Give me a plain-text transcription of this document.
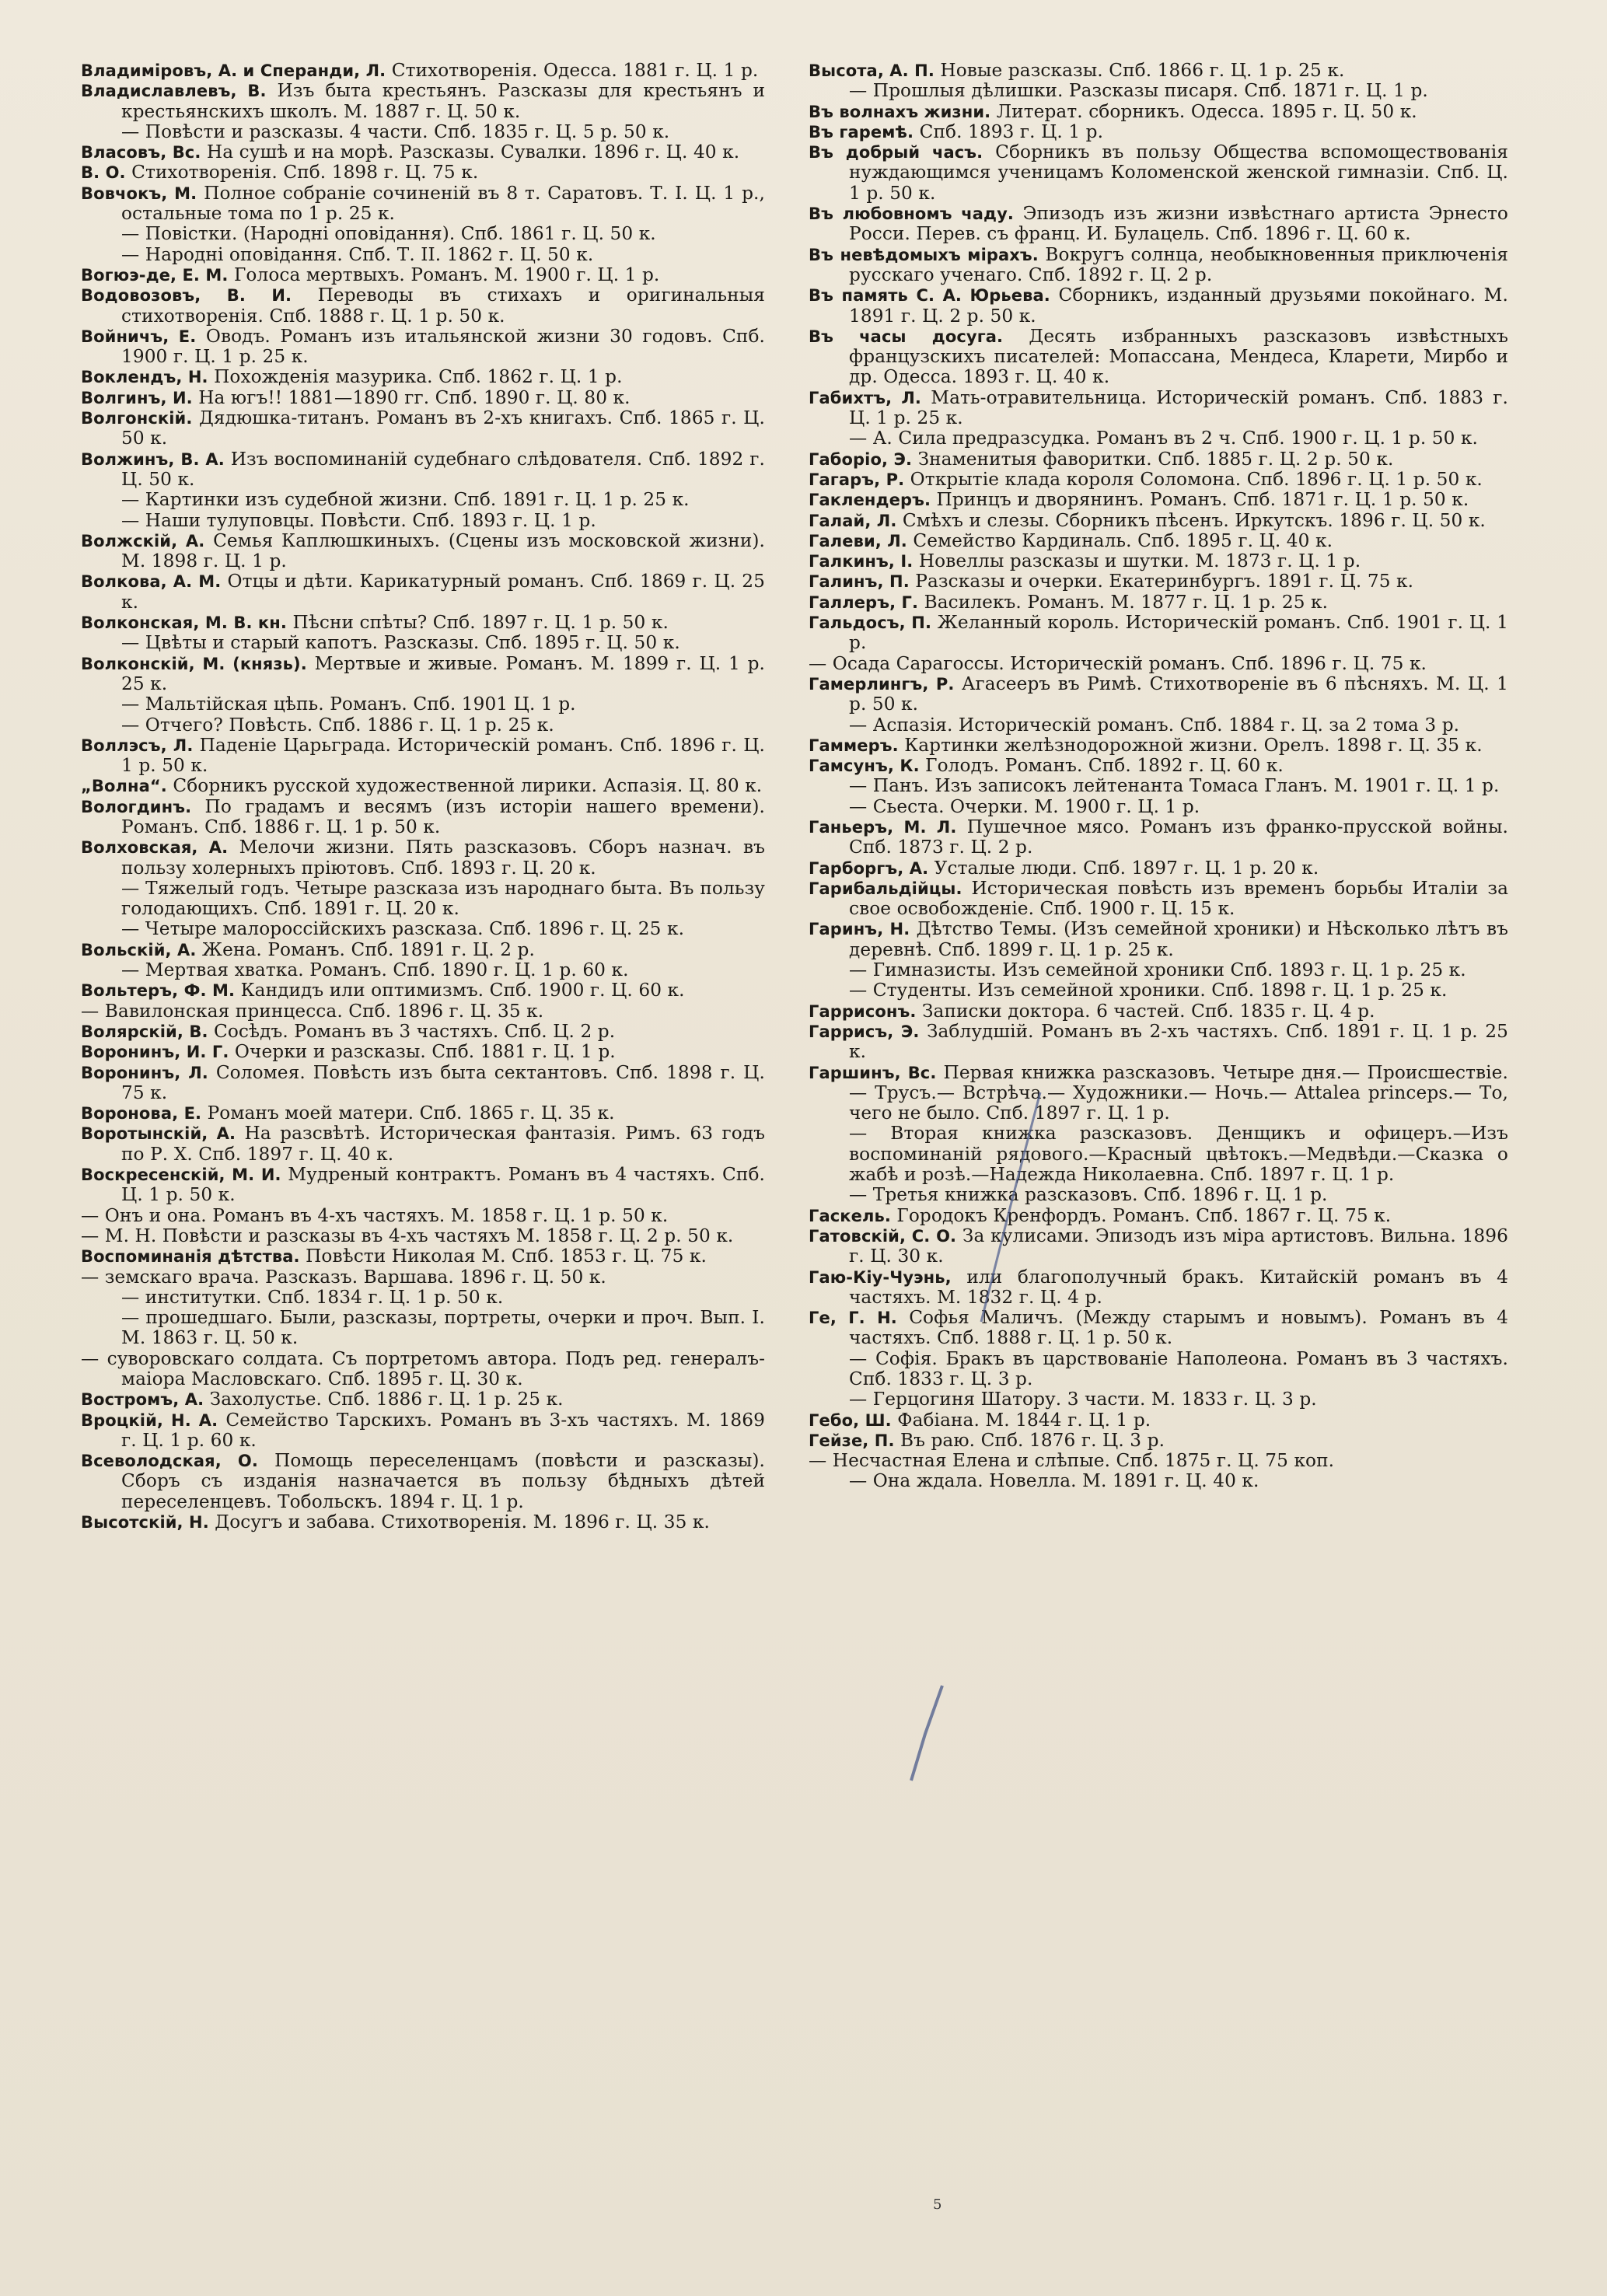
Владиміровъ, А. и Сперанди, Л. Стихотворенія. Одесса. 1881 г. Ц. 1 р.

Владиславлевъ, В. Изъ быта крестьянъ. Разсказы для крестьянъ и крестьянскихъ школъ. М. 1887 г. Ц. 50 к.

— Повѣсти и разсказы. 4 части. Спб. 1835 г. Ц. 5 р. 50 к.

Власовъ, Вс. На сушѣ и на морѣ. Разсказы. Сувалки. 1896 г. Ц. 40 к.

В. О. Стихотворенія. Спб. 1898 г. Ц. 75 к.

Вовчокъ, М. Полное собраніе сочиненій въ 8 т. Саратовъ. Т. I. Ц. 1 р., остальные тома по 1 р. 25 к.

— Повiстки. (Народнi оповiдання). Спб. 1861 г. Ц. 50 к.

— Народнi оповiдання. Спб. Т. II. 1862 г. Ц. 50 к.

Вогюэ-де, Е. М. Голоса мертвыхъ. Романъ. М. 1900 г. Ц. 1 р.

Водовозовъ, В. И. Переводы въ стихахъ и оригинальныя стихотворенія. Спб. 1888 г. Ц. 1 р. 50 к.

Войничъ, Е. Оводъ. Романъ изъ итальянской жизни 30 годовъ. Спб. 1900 г. Ц. 1 р. 25 к.

Воклендъ, Н. Похожденія мазурика. Спб. 1862 г. Ц. 1 р.

Волгинъ, И. На югъ!! 1881—1890 гг. Спб. 1890 г. Ц. 80 к.

Волгонскій. Дядюшка-титанъ. Романъ въ 2-хъ книгахъ. Спб. 1865 г. Ц. 50 к.

Волжинъ, В. А. Изъ воспоминаній судебнаго слѣдователя. Спб. 1892 г. Ц. 50 к.

— Картинки изъ судебной жизни. Спб. 1891 г. Ц. 1 р. 25 к.

— Наши тулуповцы. Повѣсти. Спб. 1893 г. Ц. 1 р.

Волжскій, А. Семья Каплюшкиныхъ. (Сцены изъ московской жизни). М. 1898 г. Ц. 1 р.

Волкова, А. М. Отцы и дѣти. Карикатурный романъ. Спб. 1869 г. Ц. 25 к.

Волконская, М. В. кн. Пѣсни спѣты? Спб. 1897 г. Ц. 1 р. 50 к.

— Цвѣты и старый капотъ. Разсказы. Спб. 1895 г. Ц. 50 к.

Волконскій, М. (князь). Мертвые и живые. Романъ. М. 1899 г. Ц. 1 р. 25 к.

— Мальтійская цѣпь. Романъ. Спб. 1901 Ц. 1 р.

— Отчего? Повѣсть. Спб. 1886 г. Ц. 1 р. 25 к.

Воллэсъ, Л. Паденіе Царьграда. Историческій романъ. Спб. 1896 г. Ц. 1 р. 50 к.

„Волна“. Сборникъ русской художественной лирики. Аспазія. Ц. 80 к.

Вологдинъ. По градамъ и весямъ (изъ исторіи нашего времени). Романъ. Спб. 1886 г. Ц. 1 р. 50 к.

Волховская, А. Мелочи жизни. Пять разсказовъ. Сборъ назнач. въ пользу холерныхъ пріютовъ. Спб. 1893 г. Ц. 20 к.

— Тяжелый годъ. Четыре разсказа изъ народнаго быта. Въ пользу голодающихъ. Спб. 1891 г. Ц. 20 к.

— Четыре малороссійскихъ разсказа. Спб. 1896 г. Ц. 25 к.

Вольскій, А. Жена. Романъ. Спб. 1891 г. Ц. 2 р.

— Мертвая хватка. Романъ. Спб. 1890 г. Ц. 1 р. 60 к.

Вольтеръ, Ф. М. Кандидъ или оптимизмъ. Спб. 1900 г. Ц. 60 к.

— Вавилонская принцесса. Спб. 1896 г. Ц. 35 к.

Волярскій, В. Сосѣдъ. Романъ въ 3 частяхъ. Спб. Ц. 2 р.

Воронинъ, И. Г. Очерки и разсказы. Спб. 1881 г. Ц. 1 р.

Воронинъ, Л. Соломея. Повѣсть изъ быта сектантовъ. Спб. 1898 г. Ц. 75 к.

Воронова, Е. Романъ моей матери. Спб. 1865 г. Ц. 35 к.

Воротынскій, А. На разсвѣтѣ. Историческая фантазія. Римъ. 63 годъ по Р. Х. Спб. 1897 г. Ц. 40 к.

Воскресенскій, М. И. Мудреный контрактъ. Романъ въ 4 частяхъ. Спб. Ц. 1 р. 50 к.

— Онъ и она. Романъ въ 4-хъ частяхъ. М. 1858 г. Ц. 1 р. 50 к.

— М. Н. Повѣсти и разсказы въ 4-хъ частяхъ М. 1858 г. Ц. 2 р. 50 к.

Воспоминанія дѣтства. Повѣсти Николая М. Спб. 1853 г. Ц. 75 к.

— земскаго врача. Разсказъ. Варшава. 1896 г. Ц. 50 к.

— институтки. Спб. 1834 г. Ц. 1 р. 50 к.

— прошедшаго. Были, разсказы, портреты, очерки и проч. Вып. I. М. 1863 г. Ц. 50 к.

— суворовскаго солдата. Съ портретомъ автора. Подъ ред. генералъ-маіора Масловскаго. Спб. 1895 г. Ц. 30 к.

Востромъ, А. Захолустье. Спб. 1886 г. Ц. 1 р. 25 к.

Вроцкій, Н. А. Семейство Тарскихъ. Романъ въ 3-хъ частяхъ. М. 1869 г. Ц. 1 р. 60 к.

Всеволодская, О. Помощь переселенцамъ (повѣсти и разсказы). Сборъ съ изданія назначается въ пользу бѣдныхъ дѣтей переселенцевъ. Тобольскъ. 1894 г. Ц. 1 р.

Высотскій, Н. Досугъ и забава. Стихотворенія. М. 1896 г. Ц. 35 к.

Высота, А. П. Новые разсказы. Спб. 1866 г. Ц. 1 р. 25 к.

— Прошлыя дѣлишки. Разсказы писаря. Спб. 1871 г. Ц. 1 р.

Въ волнахъ жизни. Литерат. сборникъ. Одесса. 1895 г. Ц. 50 к.

Въ гаремѣ. Спб. 1893 г. Ц. 1 р.

Въ добрый часъ. Сборникъ въ пользу Общества вспомоществованія нуждающимся ученицамъ Коломенской женской гимназіи. Спб. Ц. 1 р. 50 к.

Въ любовномъ чаду. Эпизодъ изъ жизни извѣстнаго артиста Эрнесто Росси. Перев. съ франц. И. Булацель. Спб. 1896 г. Ц. 60 к.

Въ невѣдомыхъ мірахъ. Вокругъ солнца, необыкновенныя приключенія русскаго ученаго. Спб. 1892 г. Ц. 2 р.

Въ память С. А. Юрьева. Сборникъ, изданный друзьями покойнаго. М. 1891 г. Ц. 2 р. 50 к.

Въ часы досуга. Десять избранныхъ разсказовъ извѣстныхъ французскихъ писателей: Мопассана, Мендеса, Кларети, Мирбо и др. Одесса. 1893 г. Ц. 40 к.

Габихтъ, Л. Мать-отравительница. Историческій романъ. Спб. 1883 г. Ц. 1 р. 25 к.

— А. Сила предразсудка. Романъ въ 2 ч. Спб. 1900 г. Ц. 1 р. 50 к.

Габоріо, Э. Знаменитыя фаворитки. Спб. 1885 г. Ц. 2 р. 50 к.

Гагаръ, Р. Открытіе клада короля Соломона. Спб. 1896 г. Ц. 1 р. 50 к.

Гаклендеръ. Принцъ и дворянинъ. Романъ. Спб. 1871 г. Ц. 1 р. 50 к.

Галай, Л. Смѣхъ и слезы. Сборникъ пѣсенъ. Иркутскъ. 1896 г. Ц. 50 к.

Галеви, Л. Семейство Кардиналь. Спб. 1895 г. Ц. 40 к.

Галкинъ, І. Новеллы разсказы и шутки. М. 1873 г. Ц. 1 р.

Галинъ, П. Разсказы и очерки. Екатеринбургъ. 1891 г. Ц. 75 к.

Галлеръ, Г. Василекъ. Романъ. М. 1877 г. Ц. 1 р. 25 к.

Гальдосъ, П. Желанный король. Историческій романъ. Спб. 1901 г. Ц. 1 р.

— Осада Сарагоссы. Историческій романъ. Спб. 1896 г. Ц. 75 к.

Гамерлингъ, Р. Агасееръ въ Римѣ. Стихотвореніе въ 6 пѣсняхъ. М. Ц. 1 р. 50 к.

— Аспазія. Историческій романъ. Спб. 1884 г. Ц. за 2 тома 3 р.

Гаммеръ. Картинки желѣзнодорожной жизни. Орелъ. 1898 г. Ц. 35 к.

Гамсунъ, К. Голодъ. Романъ. Спб. 1892 г. Ц. 60 к.

— Панъ. Изъ записокъ лейтенанта Томаса Гланъ. М. 1901 г. Ц. 1 р.

— Сьеста. Очерки. М. 1900 г. Ц. 1 р.

Ганьеръ, М. Л. Пушечное мясо. Романъ изъ франко-прусской войны. Спб. 1873 г. Ц. 2 р.

Гарборгъ, А. Усталые люди. Спб. 1897 г. Ц. 1 р. 20 к.

Гарибальдійцы. Историческая повѣсть изъ временъ борьбы Италіи за свое освобожденіе. Спб. 1900 г. Ц. 15 к.

Гаринъ, Н. Дѣтство Темы. (Изъ семейной хроники) и Нѣсколько лѣтъ въ деревнѣ. Спб. 1899 г. Ц. 1 р. 25 к.

— Гимназисты. Изъ семейной хроники Спб. 1893 г. Ц. 1 р. 25 к.

— Студенты. Изъ семейной хроники. Спб. 1898 г. Ц. 1 р. 25 к.

Гаррисонъ. Записки доктора. 6 частей. Спб. 1835 г. Ц. 4 р.

Гаррисъ, Э. Заблудшій. Романъ въ 2-хъ частяхъ. Спб. 1891 г. Ц. 1 р. 25 к.

Гаршинъ, Вс. Первая книжка разсказовъ. Четыре дня.— Происшествіе.— Трусъ.— Встрѣча.— Художники.— Ночь.— Attalea princeps.— То, чего не было. Спб. 1897 г. Ц. 1 р.

— Вторая книжка разсказовъ. Денщикъ и офицеръ.—Изъ воспоминаній рядового.—Красный цвѣтокъ.—Медвѣди.—Сказка о жабѣ и розѣ.—Надежда Николаевна. Спб. 1897 г. Ц. 1 р.

— Третья книжка разсказовъ. Спб. 1896 г. Ц. 1 р.

Гаскель. Городокъ Кренфордъ. Романъ. Спб. 1867 г. Ц. 75 к.

Гатовскій, С. О. За кулисами. Эпизодъ изъ міра артистовъ. Вильна. 1896 г. Ц. 30 к.

Гаю-Кіу-Чуэнь, или благополучный бракъ. Китайскій романъ въ 4 частяхъ. М. 1832 г. Ц. 4 р.

Ге, Г. Н. Софья Маличъ. (Между старымъ и новымъ). Романъ въ 4 частяхъ. Спб. 1888 г. Ц. 1 р. 50 к.

— Софія. Бракъ въ царствованіе Наполеона. Романъ въ 3 частяхъ. Спб. 1833 г. Ц. 3 р.

— Герцогиня Шатору. 3 части. М. 1833 г. Ц. 3 р.

Гебо, Ш. Фабіана. М. 1844 г. Ц. 1 р.

Гейзе, П. Въ раю. Спб. 1876 г. Ц. 3 р.

— Несчастная Елена и слѣпые. Спб. 1875 г. Ц. 75 коп.

— Она ждала. Новелла. М. 1891 г. Ц. 40 к.

5
